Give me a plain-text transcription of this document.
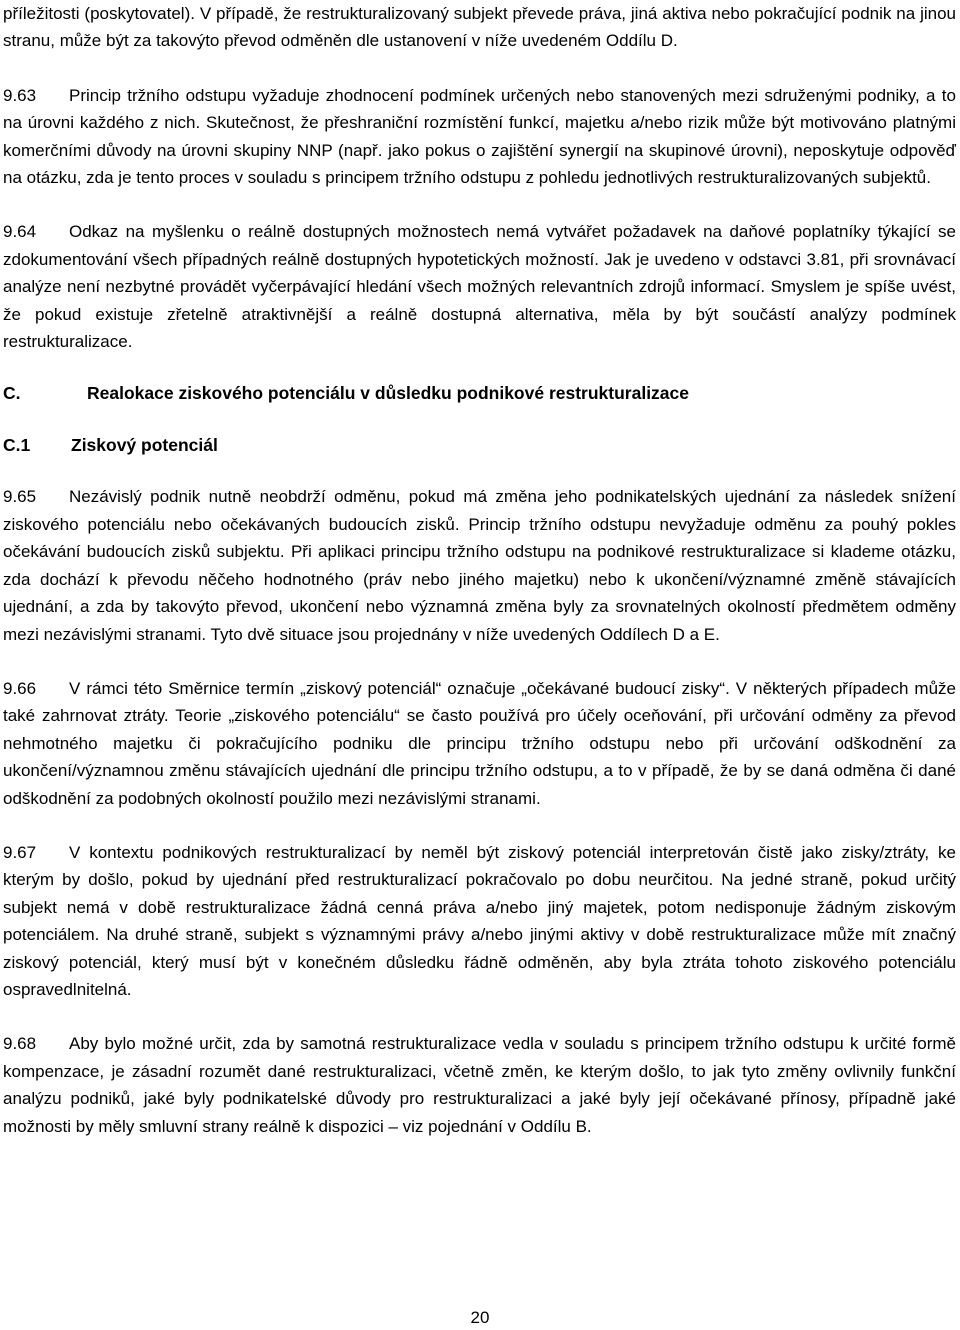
příležitosti (poskytovatel). V případě, že restrukturalizovaný subjekt převede práva, jiná aktiva nebo pokračující podnik na jinou stranu, může být za takovýto převod odměněn dle ustanovení v níže uvedeném Oddílu D.

9.63 Princip tržního odstupu vyžaduje zhodnocení podmínek určených nebo stanovených mezi sdruženými podniky, a to na úrovni každého z nich. Skutečnost, že přeshraniční rozmístění funkcí, majetku a/nebo rizik může být motivováno platnými komerčními důvody na úrovni skupiny NNP (např. jako pokus o zajištění synergií na skupinové úrovni), neposkytuje odpověď na otázku, zda je tento proces v souladu s principem tržního odstupu z pohledu jednotlivých restrukturalizovaných subjektů.

9.64 Odkaz na myšlenku o reálně dostupných možnostech nemá vytvářet požadavek na daňové poplatníky týkající se zdokumentování všech případných reálně dostupných hypotetických možností. Jak je uvedeno v odstavci 3.81, při srovnávací analýze není nezbytné provádět vyčerpávající hledání všech možných relevantních zdrojů informací. Smyslem je spíše uvést, že pokud existuje zřetelně atraktivnější a reálně dostupná alternativa, měla by být součástí analýzy podmínek restrukturalizace.

C.	Realokace ziskového potenciálu v důsledku podnikové restrukturalizace

C.1 Ziskový potenciál

9.65 Nezávislý podnik nutně neobdrží odměnu, pokud má změna jeho podnikatelských ujednání za následek snížení ziskového potenciálu nebo očekávaných budoucích zisků. Princip tržního odstupu nevyžaduje odměnu za pouhý pokles očekávání budoucích zisků subjektu. Při aplikaci principu tržního odstupu na podnikové restrukturalizace si klademe otázku, zda dochází k převodu něčeho hodnotného (práv nebo jiného majetku) nebo k ukončení/významné změně stávajících ujednání, a zda by takovýto převod, ukončení nebo významná změna byly za srovnatelných okolností předmětem odměny mezi nezávislými stranami. Tyto dvě situace jsou projednány v níže uvedených Oddílech D a E.

9.66 V rámci této Směrnice termín „ziskový potenciál“ označuje „očekávané budoucí zisky“. V některých případech může také zahrnovat ztráty. Teorie „ziskového potenciálu“ se často používá pro účely oceňování, při určování odměny za převod nehmotného majetku či pokračujícího podniku dle principu tržního odstupu nebo při určování odškodnění za ukončení/významnou změnu stávajících ujednání dle principu tržního odstupu, a to v případě, že by se daná odměna či dané odškodnění za podobných okolností použilo mezi nezávislými stranami.

9.67 V kontextu podnikových restrukturalizací by neměl být ziskový potenciál interpretován čistě jako zisky/ztráty, ke kterým by došlo, pokud by ujednání před restrukturalizací pokračovalo po dobu neurčitou. Na jedné straně, pokud určitý subjekt nemá v době restrukturalizace žádná cenná práva a/nebo jiný majetek, potom nedisponuje žádným ziskovým potenciálem. Na druhé straně, subjekt s významnými právy a/nebo jinými aktivy v době restrukturalizace může mít značný ziskový potenciál, který musí být v konečném důsledku řádně odměněn, aby byla ztráta tohoto ziskového potenciálu ospravedlnitelná.

9.68 Aby bylo možné určit, zda by samotná restrukturalizace vedla v souladu s principem tržního odstupu k určité formě kompenzace, je zásadní rozumět dané restrukturalizaci, včetně změn, ke kterým došlo, to jak tyto změny ovlivnily funkční analýzu podniků, jaké byly podnikatelské důvody pro restrukturalizaci a jaké byly její očekávané přínosy, případně jaké možnosti by měly smluvní strany reálně k dispozici – viz pojednání v Oddílu B.

20
